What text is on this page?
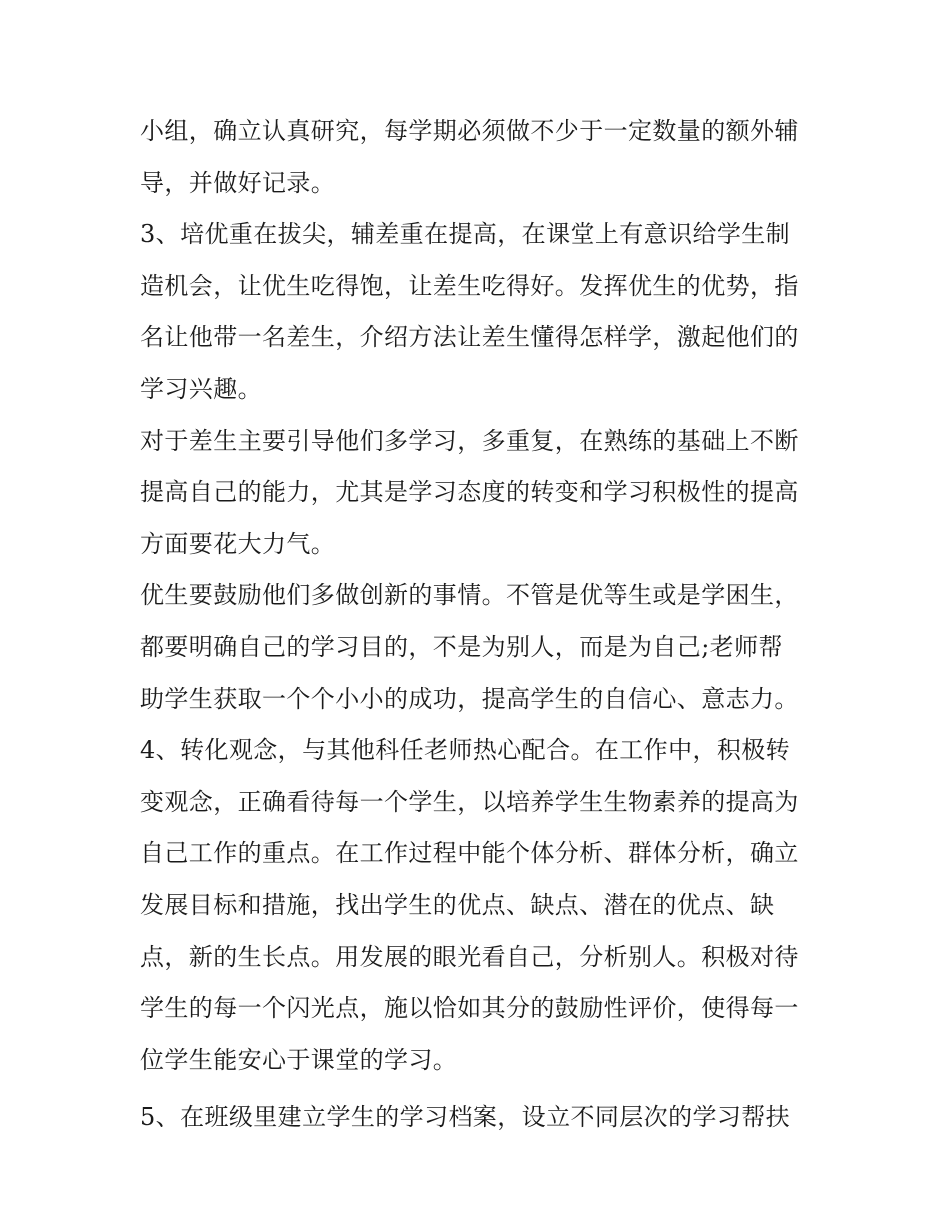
小组，确立认真研究，每学期必须做不少于一定数量的额外辅
导，并做好记录。
3、培优重在拔尖，辅差重在提高，在课堂上有意识给学生制
造机会，让优生吃得饱，让差生吃得好。发挥优生的优势，指
名让他带一名差生，介绍方法让差生懂得怎样学，激起他们的
学习兴趣。
对于差生主要引导他们多学习，多重复，在熟练的基础上不断
提高自己的能力，尤其是学习态度的转变和学习积极性的提高
方面要花大力气。
优生要鼓励他们多做创新的事情。不管是优等生或是学困生，
都要明确自己的学习目的，不是为别人，而是为自己;老师帮
助学生获取一个个小小的成功，提高学生的自信心、意志力。
4、转化观念，与其他科任老师热心配合。在工作中，积极转
变观念，正确看待每一个学生，以培养学生生物素养的提高为
自己工作的重点。在工作过程中能个体分析、群体分析，确立
发展目标和措施，找出学生的优点、缺点、潜在的优点、缺
点，新的生长点。用发展的眼光看自己，分析别人。积极对待
学生的每一个闪光点，施以恰如其分的鼓励性评价，使得每一
位学生能安心于课堂的学习。
5、在班级里建立学生的学习档案，设立不同层次的学习帮扶
